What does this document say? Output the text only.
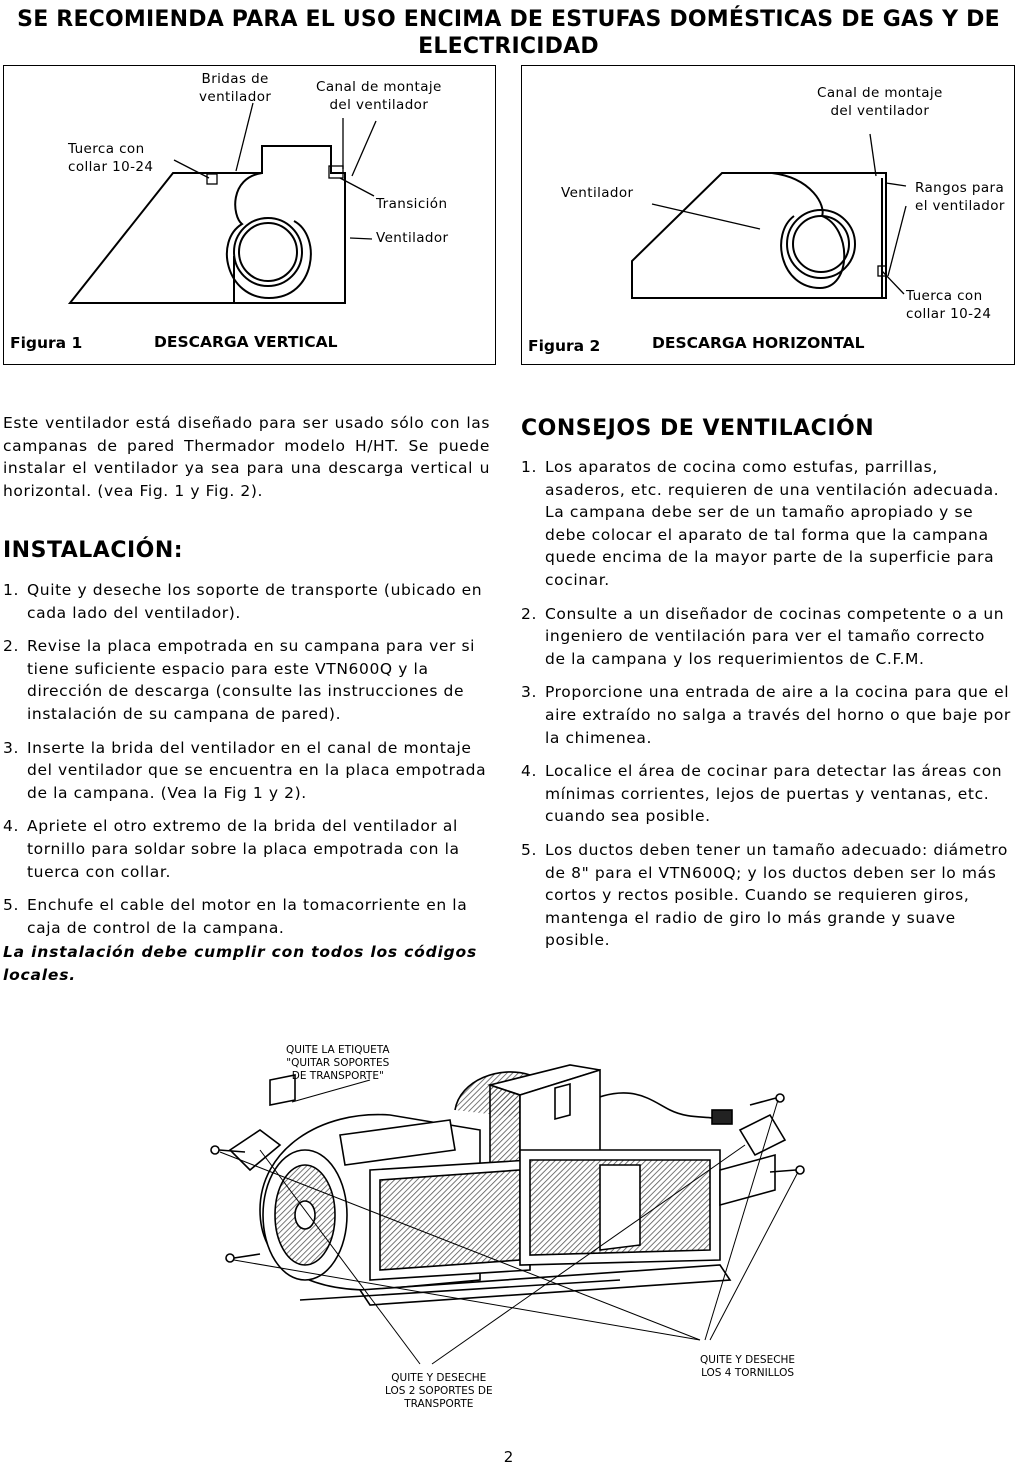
SE RECOMIENDA PARA EL USO ENCIMA DE ESTUFAS DOMÉSTICAS DE GAS Y DE
ELECTRICIDAD
Bridas de
ventilador
Canal de montaje
del ventilador
Tuerca con
collar 10-24
Transición
Ventilador
Figura 1	DESCARGA VERTICAL
Canal de montaje
del ventilador
Ventilador	Rangos para
el ventilador
Tuerca con
collar 10-24
Figura 2	DESCARGA HORIZONTAL

Este ventilador está diseñado para ser usado sólo con las campanas de pared Thermador modelo H/HT. Se puede instalar el ventilador ya sea para una descarga vertical u horizontal. (vea Fig. 1 y Fig. 2).

INSTALACIÓN:
1. Quite y deseche los soporte de transporte (ubicado en cada lado del ventilador).
2. Revise la placa empotrada en su campana para ver si tiene suficiente espacio para este VTN600Q y la dirección de descarga (consulte las instrucciones de instalación de su campana de pared).
3. Inserte la brida del ventilador en el canal de montaje del ventilador que se encuentra en la placa empotrada de la campana. (Vea la Fig 1 y 2).
4. Apriete el otro extremo de la brida del ventilador al tornillo para soldar sobre la placa empotrada con la tuerca con collar.
5. Enchufe el cable del motor en la tomacorriente en la caja de control de la campana.

La instalación debe cumplir con todos los códigos locales.

CONSEJOS DE VENTILACIÓN
1. Los aparatos de cocina como estufas, parrillas, asaderos, etc. requieren de una ventilación adecuada. La campana debe ser de un tamaño apropiado y se debe colocar el aparato de tal forma que la campana quede encima de la mayor parte de la superficie para cocinar.
2. Consulte a un diseñador de cocinas competente o a un ingeniero de ventilación para ver el tamaño correcto de la campana y los requerimientos de C.F.M.
3. Proporcione una entrada de aire a la cocina para que el aire extraído no salga a través del horno o que baje por la chimenea.
4. Localice el área de cocinar para detectar las áreas con mínimas corrientes, lejos de puertas y ventanas, etc. cuando sea posible.
5. Los ductos deben tener un tamaño adecuado: diámetro de 8" para el VTN600Q; y los ductos deben ser lo más cortos y rectos posible. Cuando se requieren giros, mantenga el radio de giro lo más grande y suave posible.
QUITE LA ETIQUETA
"QUITAR SOPORTES
DE TRANSPORTE"
QUITE Y DESECHE
LOS 2 SOPORTES DE
TRANSPORTE
QUITE Y DESECHE
LOS 4 TORNILLOS
2
